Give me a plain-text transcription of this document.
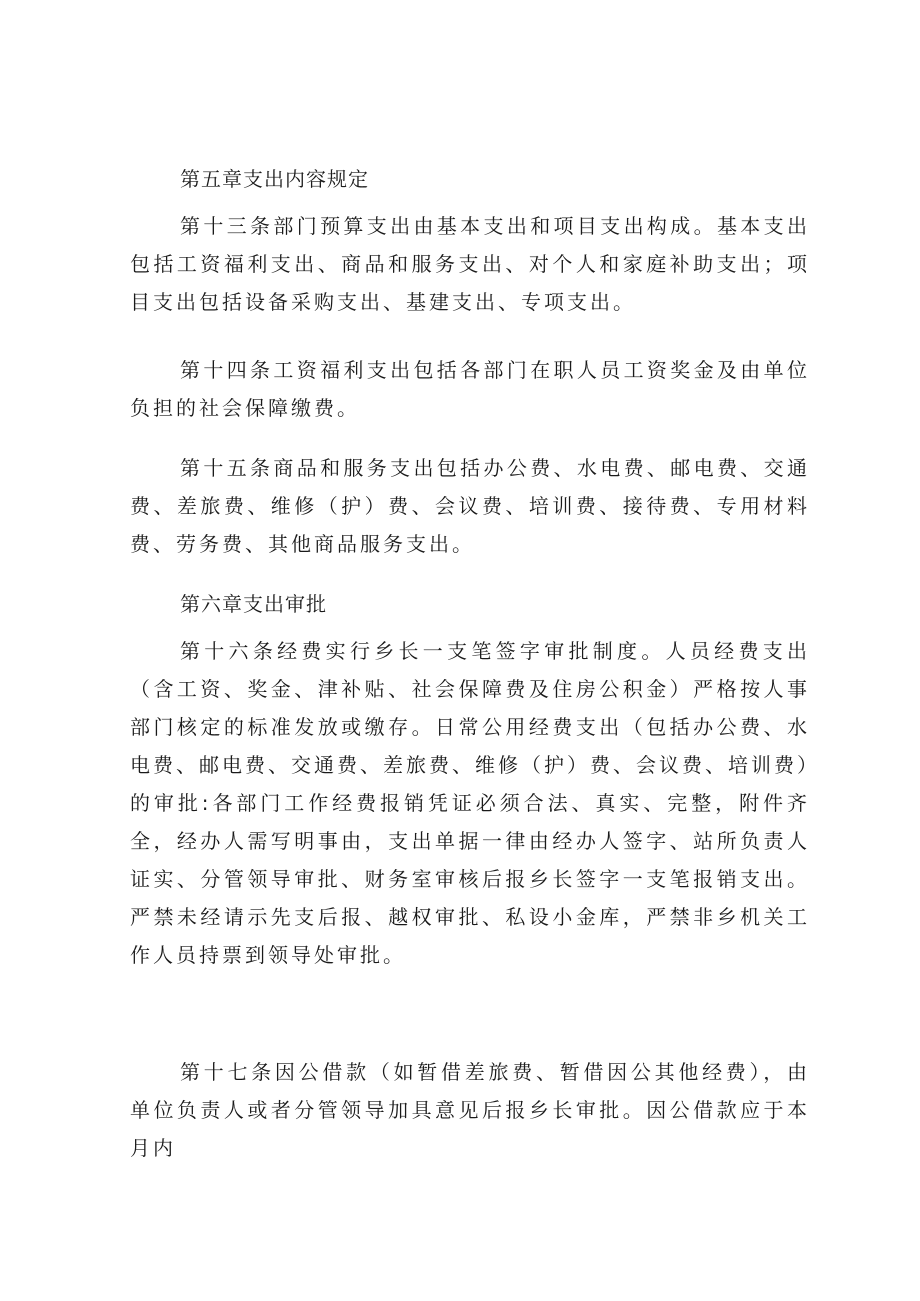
第五章支出内容规定

第十三条部门预算支出由基本支出和项目支出构成。基本支出包括工资福利支出、商品和服务支出、对个人和家庭补助支出；项目支出包括设备采购支出、基建支出、专项支出。

第十四条工资福利支出包括各部门在职人员工资奖金及由单位负担的社会保障缴费。

第十五条商品和服务支出包括办公费、水电费、邮电费、交通费、差旅费、维修（护）费、会议费、培训费、接待费、专用材料费、劳务费、其他商品服务支出。

第六章支出审批

第十六条经费实行乡长一支笔签字审批制度。人员经费支出（含工资、奖金、津补贴、社会保障费及住房公积金）严格按人事部门核定的标准发放或缴存。日常公用经费支出（包括办公费、水电费、邮电费、交通费、差旅费、维修（护）费、会议费、培训费）的审批:各部门工作经费报销凭证必须合法、真实、完整，附件齐全，经办人需写明事由，支出单据一律由经办人签字、站所负责人证实、分管领导审批、财务室审核后报乡长签字一支笔报销支出。严禁未经请示先支后报、越权审批、私设小金库，严禁非乡机关工作人员持票到领导处审批。

第十七条因公借款（如暂借差旅费、暂借因公其他经费），由单位负责人或者分管领导加具意见后报乡长审批。因公借款应于本月内
